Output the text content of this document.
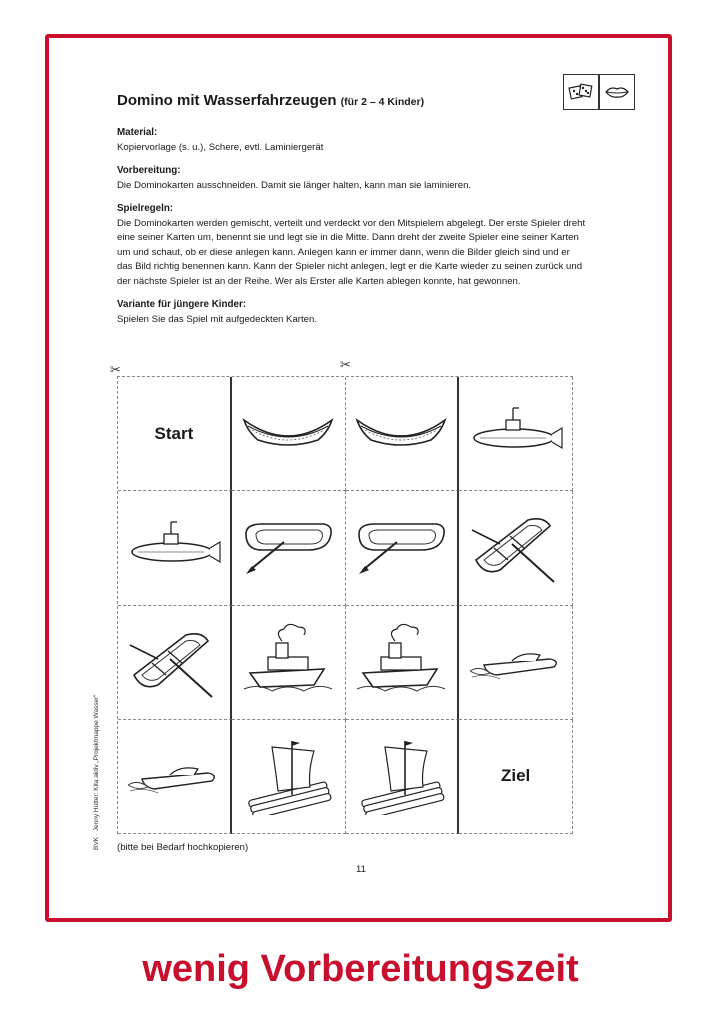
Domino mit Wasserfahrzeugen (für 2 – 4 Kinder)
Material:

Kopiervorlage (s. u.), Schere, evtl. Laminiergerät

Vorbereitung:

Die Dominokarten ausschneiden. Damit sie länger halten, kann man sie laminieren.

Spielregeln:

Die Dominokarten werden gemischt, verteilt und verdeckt vor den Mitspielern abgelegt. Der erste Spieler dreht eine seiner Karten um, benennt sie und legt sie in die Mitte. Dann dreht der zweite Spieler eine seiner Karten um und schaut, ob er diese anlegen kann. Anlegen kann er immer dann, wenn die Bilder gleich sind und er das Bild richtig benennen kann. Kann der Spieler nicht anlegen, legt er die Karte wieder zu seinen zurück und der nächste Spieler ist an der Reihe. Wer als Erster alle Karten ablegen konnte, hat gewonnen.

Variante für jüngere Kinder:

Spielen Sie das Spiel mit aufgedeckten Karten.

✂	✂
Start
Ziel
(bitte bei Bedarf hochkopieren)
11
BVK · Jenny Hütter: Kita aktiv „Projektmappe Wasser“
wenig Vorbereitungszeit
